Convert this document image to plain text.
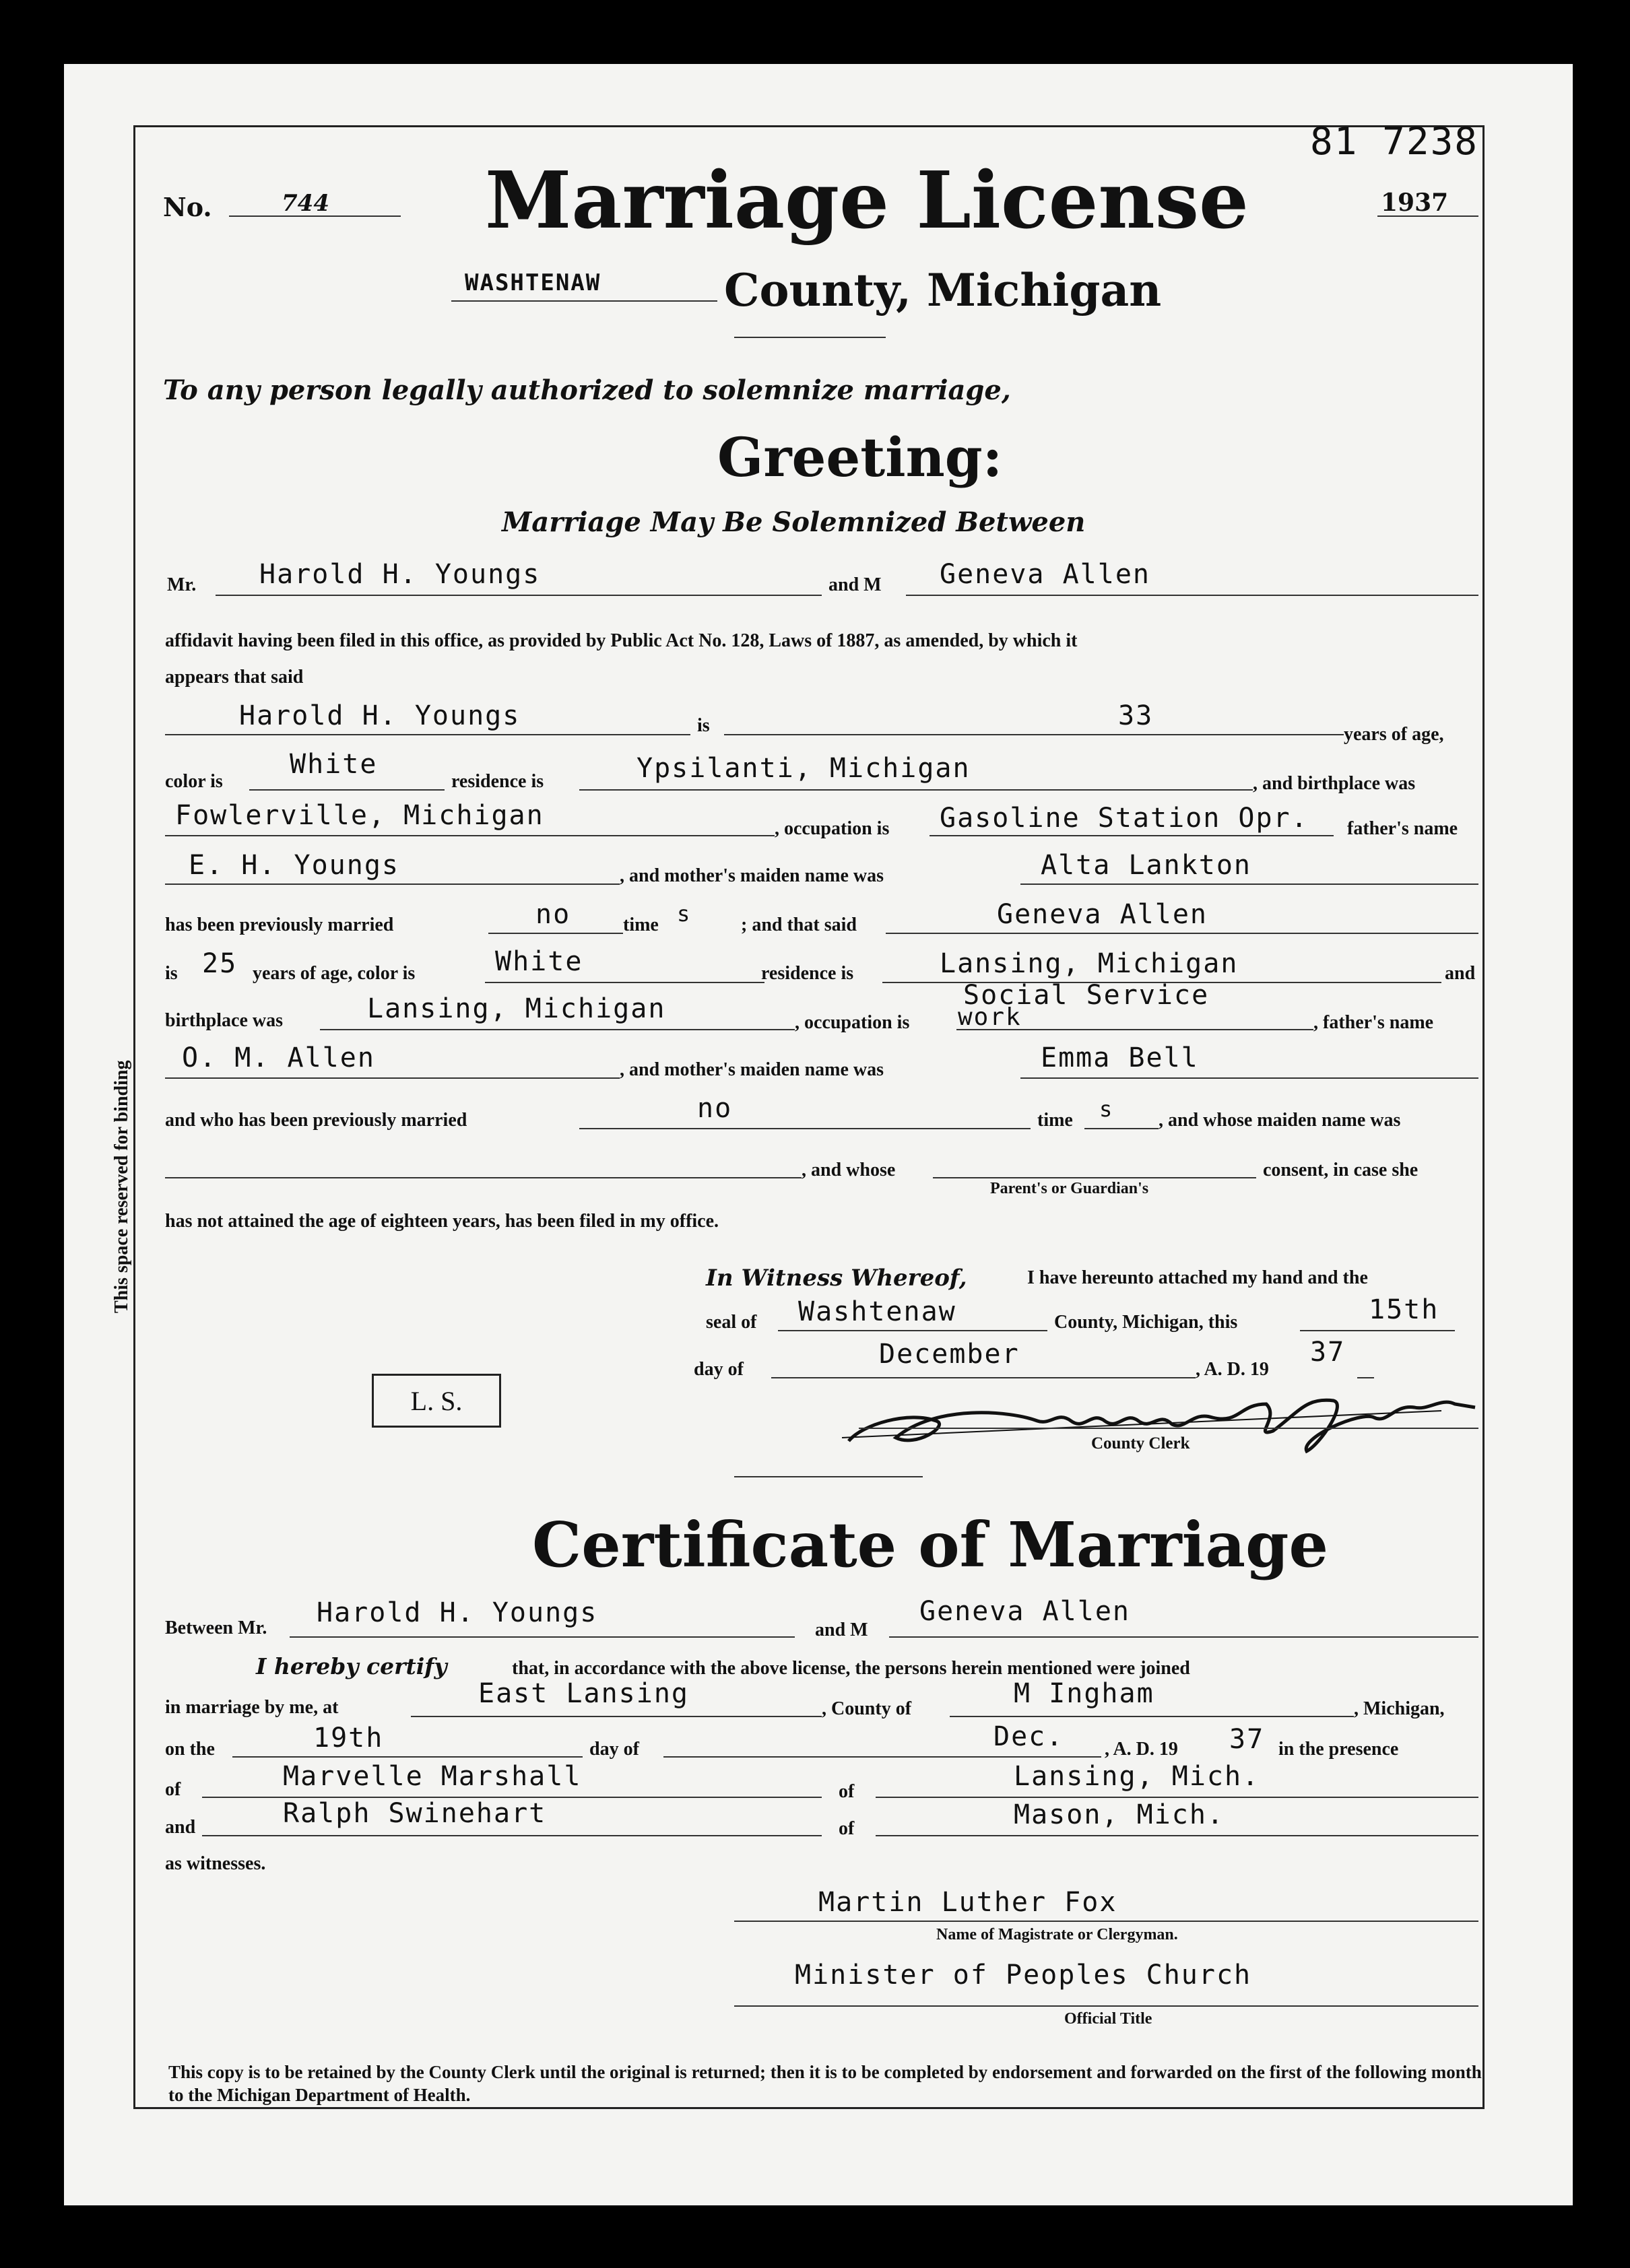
This space reserved for binding
81 7238
No.	744 Marriage License	1937
WASHTENAW	County, Michigan
To any person legally authorized to solemnize marriage,
Greeting:
Marriage May Be Solemnized Between
Mr. Harold H. Youngs	and M Geneva Allen
affidavit having been filed in this office, as provided by Public Act No. 128, Laws of 1887, as amended, by which it
appears that said
Harold H. Youngs	is	33
years of age,
color is
White
residence is	Ypsilanti, Michigan	, and birthplace was
Fowlerville, Michigan	, occupation is Gasoline Station Opr. father's name
E. H. Youngs	, and mother's maiden name was	Alta Lankton
has been previously married	no	time s	; and that said	Geneva Allen
is 25 years of age, color is	White	residence is	Lansing, Michigan	and
birthplace was	Lansing, Michigan	, occupation is
Social Service
work	, father's name
O. M. Allen	, and mother's maiden name was	Emma Bell
and who has been previously married	no	time s , and whose maiden name was
, and whose	consent, in case she
Parent's or Guardian's
has not attained the age of eighteen years, has been filed in my office.
In Witness Whereof,	I have hereunto attached my hand and the
seal of Washtenaw	County, Michigan, this	15th
day of	December	, A. D. 19
37
L. S.
County Clerk
Certificate of Marriage
Between Mr. Harold H. Youngs
and M
Geneva Allen
I hereby certify	that, in accordance with the above license, the persons herein mentioned were joined
in marriage by me, at	East Lansing	, County of	M Ingham	, Michigan,
on the	19th	day of	Dec. , A. D. 19 37 in the presence
of	Marvelle Marshall	of	Lansing, Mich.
and	Ralph Swinehart	of	Mason, Mich.
as witnesses.
Martin Luther Fox
Name of Magistrate or Clergyman.
Minister of Peoples Church
Official Title
This copy is to be retained by the County Clerk until the original is returned; then it is to be completed by endorsement and forwarded on the first of the following month to the Michigan Department of Health.
